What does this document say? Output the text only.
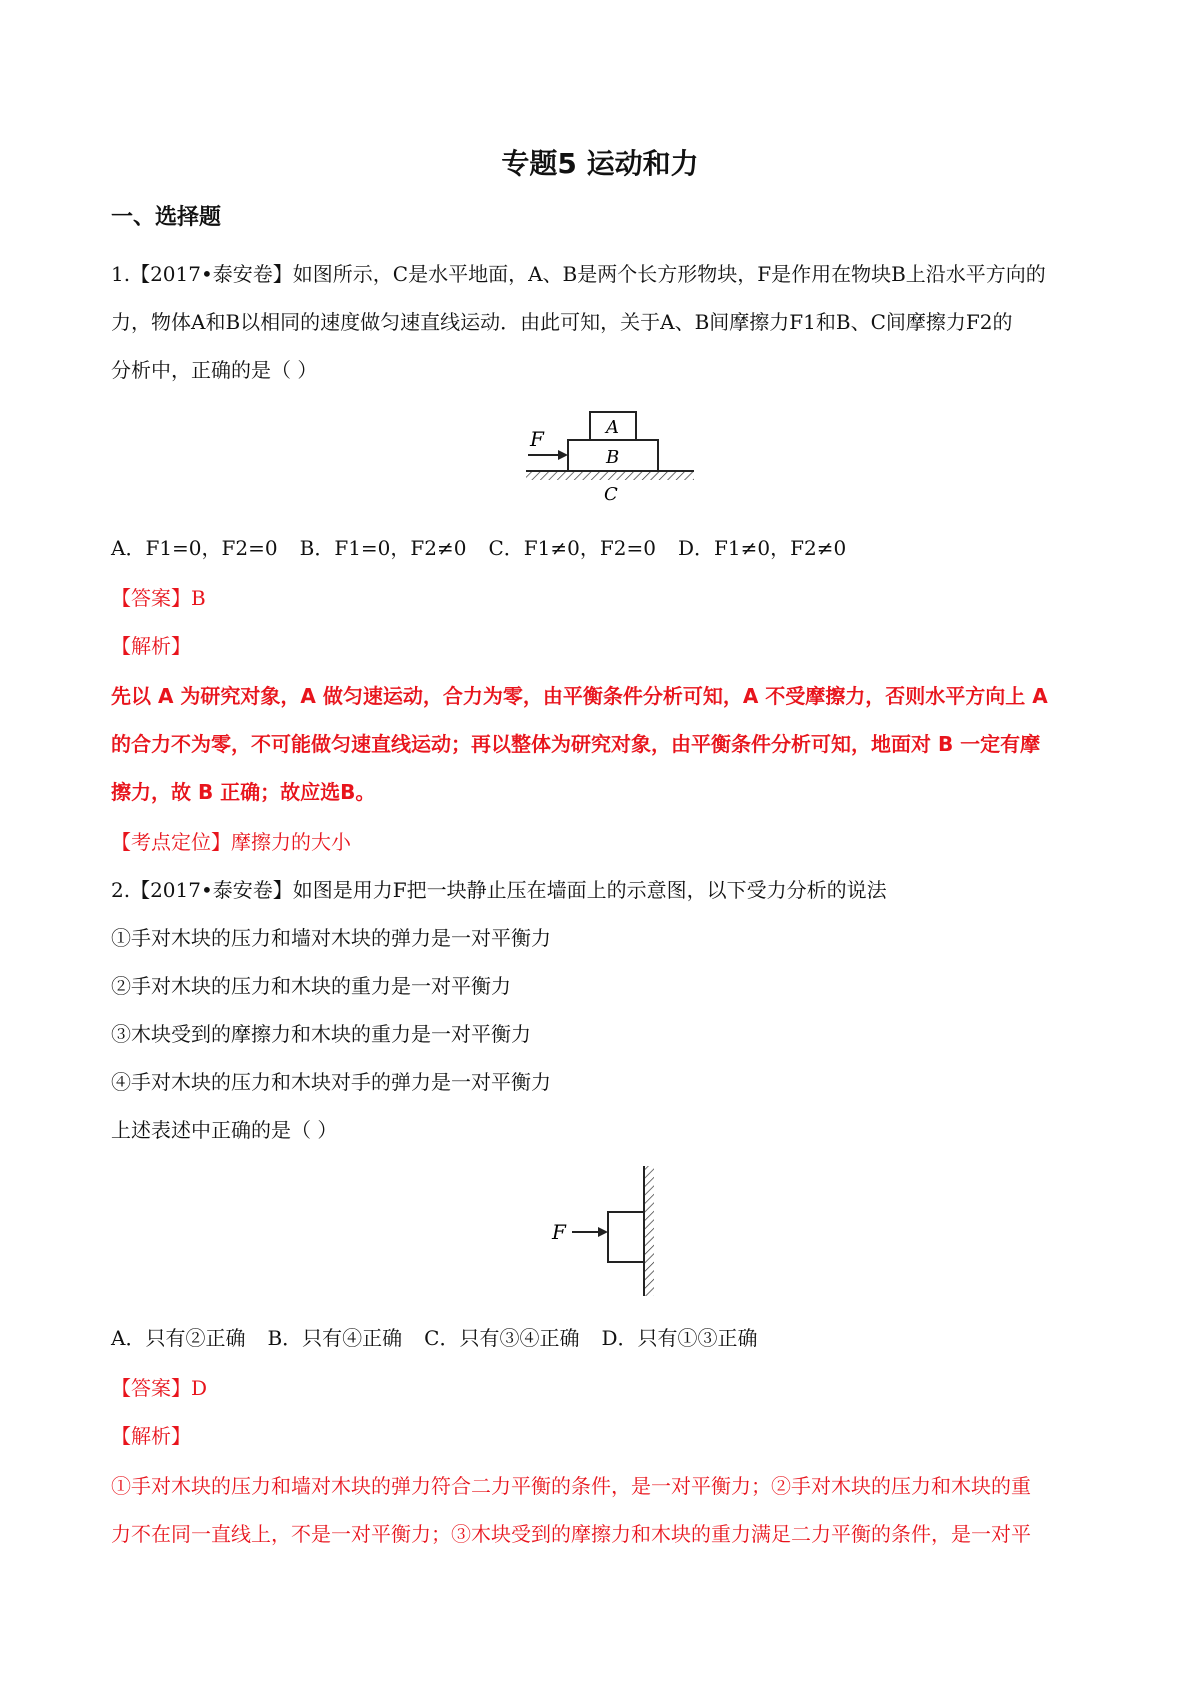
专题5 运动和力
一、选择题
1.【2017•泰安卷】如图所示，C是水平地面，A、B是两个长方形物块，F是作用在物块B上沿水平方向的
力，物体A和B以相同的速度做匀速直线运动．由此可知，关于A、B间摩擦力F1和B、C间摩擦力F2的
分析中，正确的是（ ）
F	A
B
C
A．F1=0，F2=0 B．F1=0，F2≠0 C．F1≠0，F2=0 D．F1≠0，F2≠0
【答案】B
【解析】
先以 A 为研究对象，A 做匀速运动，合力为零，由平衡条件分析可知，A 不受摩擦力，否则水平方向上 A
的合力不为零，不可能做匀速直线运动；再以整体为研究对象，由平衡条件分析可知，地面对 B 一定有摩
擦力，故 B 正确；故应选B。
【考点定位】摩擦力的大小
2.【2017•泰安卷】如图是用力F把一块静止压在墙面上的示意图，以下受力分析的说法
①手对木块的压力和墙对木块的弹力是一对平衡力
②手对木块的压力和木块的重力是一对平衡力
③木块受到的摩擦力和木块的重力是一对平衡力
④手对木块的压力和木块对手的弹力是一对平衡力
上述表述中正确的是（ ）
F
A．只有②正确 B．只有④正确 C．只有③④正确 D．只有①③正确
【答案】D
【解析】
①手对木块的压力和墙对木块的弹力符合二力平衡的条件，是一对平衡力；②手对木块的压力和木块的重
力不在同一直线上，不是一对平衡力；③木块受到的摩擦力和木块的重力满足二力平衡的条件，是一对平
